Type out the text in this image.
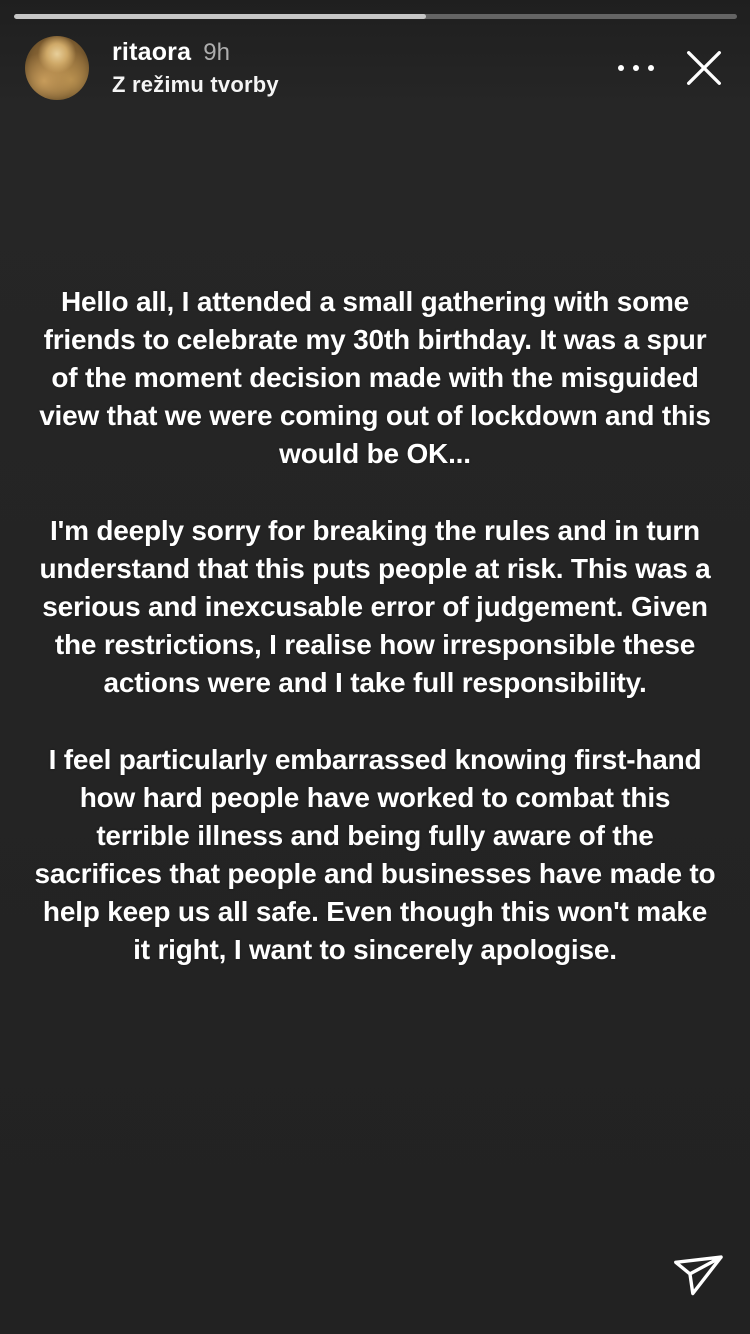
ritaora 9h
Z režimu tvorby

Hello all, I attended a small gathering with some friends to celebrate my 30th birthday. It was a spur of the moment decision made with the misguided view that we were coming out of lockdown and this would be OK...

I'm deeply sorry for breaking the rules and in turn understand that this puts people at risk. This was a serious and inexcusable error of judgement. Given the restrictions, I realise how irresponsible these actions were and I take full responsibility.

I feel particularly embarrassed knowing first-hand how hard people have worked to combat this terrible illness and being fully aware of the sacrifices that people and businesses have made to help keep us all safe. Even though this won't make it right, I want to sincerely apologise.
